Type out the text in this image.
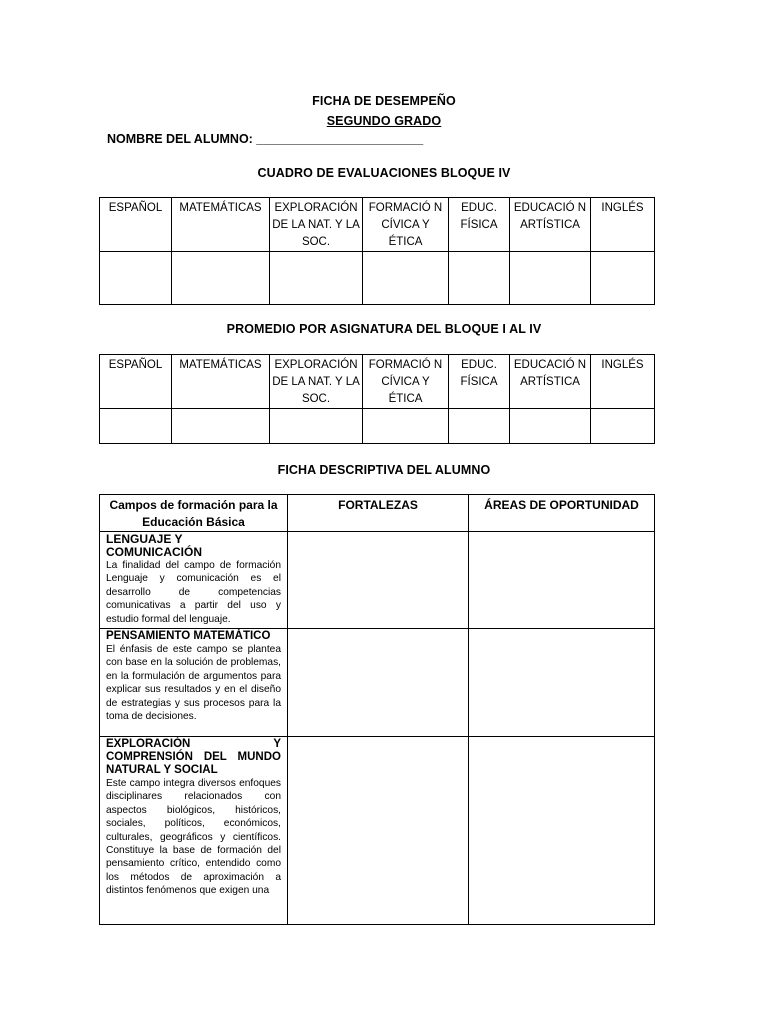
FICHA DE DESEMPEÑO
SEGUNDO GRADO
NOMBRE DEL ALUMNO: ________________________
CUADRO DE EVALUACIONES BLOQUE IV
ESPAÑOL	MATEMÁTICAS	EXPLORACIÓN DE LA NAT. Y LA SOC.	FORMACIÓ N CÍVICA Y ÉTICA	EDUC. FÍSICA	EDUCACIÓ N ARTÍSTICA	INGLÉS

PROMEDIO POR ASIGNATURA DEL BLOQUE I AL IV
ESPAÑOL	MATEMÁTICAS	EXPLORACIÓN DE LA NAT. Y LA SOC.	FORMACIÓ N CÍVICA Y ÉTICA	EDUC. FÍSICA	EDUCACIÓ N ARTÍSTICA	INGLÉS

FICHA DESCRIPTIVA DEL ALUMNO
Campos de formación para la Educación Básica	FORTALEZAS	ÁREAS DE OPORTUNIDAD

LENGUAJE Y COMUNICACIÓN
La finalidad del campo de formación Lenguaje y comunicación es el desarrollo de competencias comunicativas a partir del uso y estudio formal del lenguaje.		

PENSAMIENTO MATEMÁTICO
El énfasis de este campo se plantea con base en la solución de problemas, en la formulación de argumentos para explicar sus resultados y en el diseño de estrategias y sus procesos para la toma de decisiones.		

EXPLORACIÓN Y COMPRENSIÓN DEL MUNDO NATURAL Y SOCIAL
Este campo integra diversos enfoques disciplinares relacionados con aspectos biológicos, históricos, sociales, políticos, económicos, culturales, geográficos y científicos. Constituye la base de formación del pensamiento crítico, entendido como los métodos de aproximación a distintos fenómenos que exigen una		
